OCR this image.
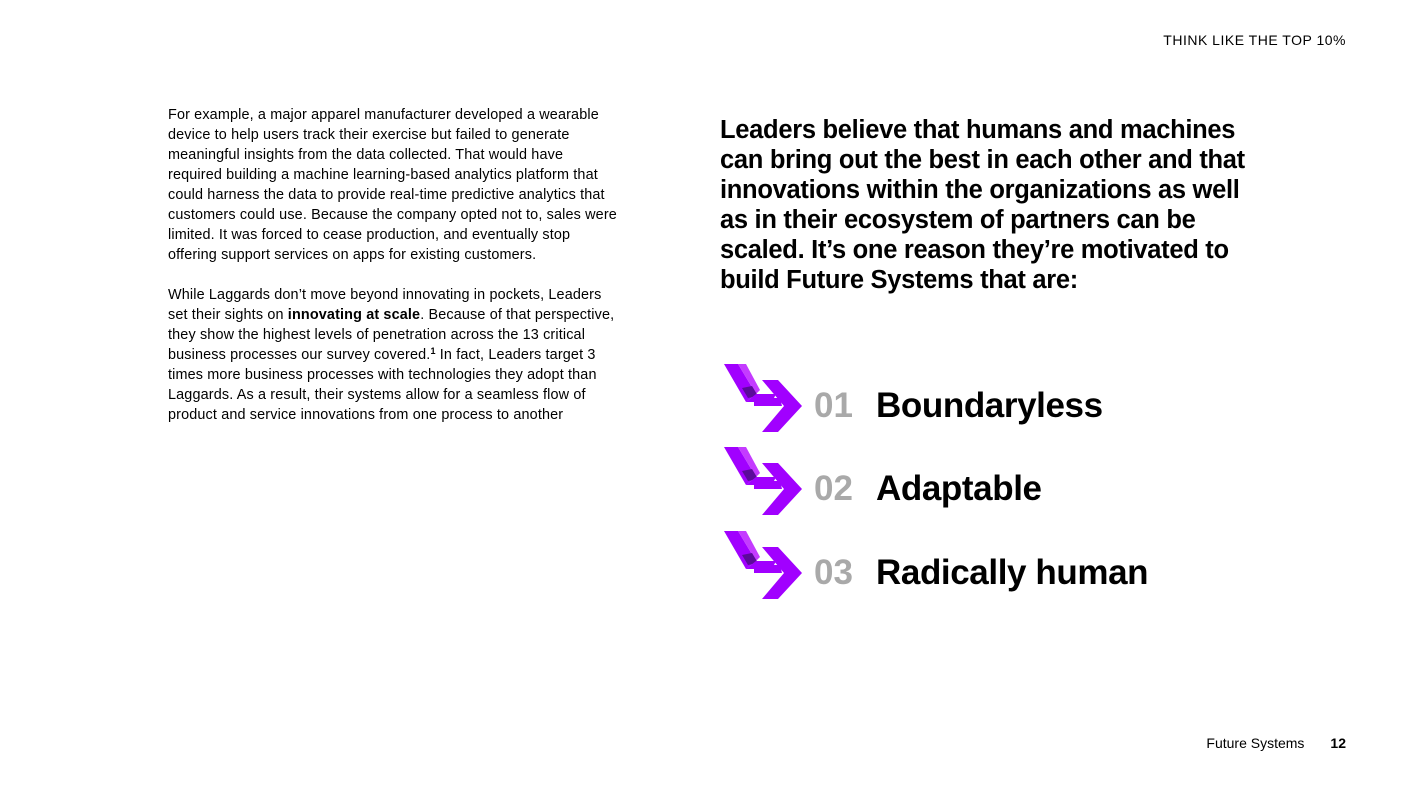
THINK LIKE THE TOP 10%

For example, a major apparel manufacturer developed a wearable device to help users track their exercise but failed to generate meaningful insights from the data collected. That would have required building a machine learning-based analytics platform that could harness the data to provide real-time predictive analytics that customers could use. Because the company opted not to, sales were limited. It was forced to cease production, and eventually stop offering support services on apps for existing customers.

While Laggards don’t move beyond innovating in pockets, Leaders set their sights on innovating at scale. Because of that perspective, they show the highest levels of penetration across the 13 critical business processes our survey covered.$^1$ In fact, Leaders target 3 times more business processes with technologies they adopt than Laggards. As a result, their systems allow for a seamless flow of product and service innovations from one process to another

Leaders believe that humans and machines can bring out the best in each other and that innovations within the organizations as well as in their ecosystem of partners can be scaled. It’s one reason they’re motivated to build Future Systems that are:
01 Boundaryless
02 Adaptable
03 Radically human
Future Systems 12
